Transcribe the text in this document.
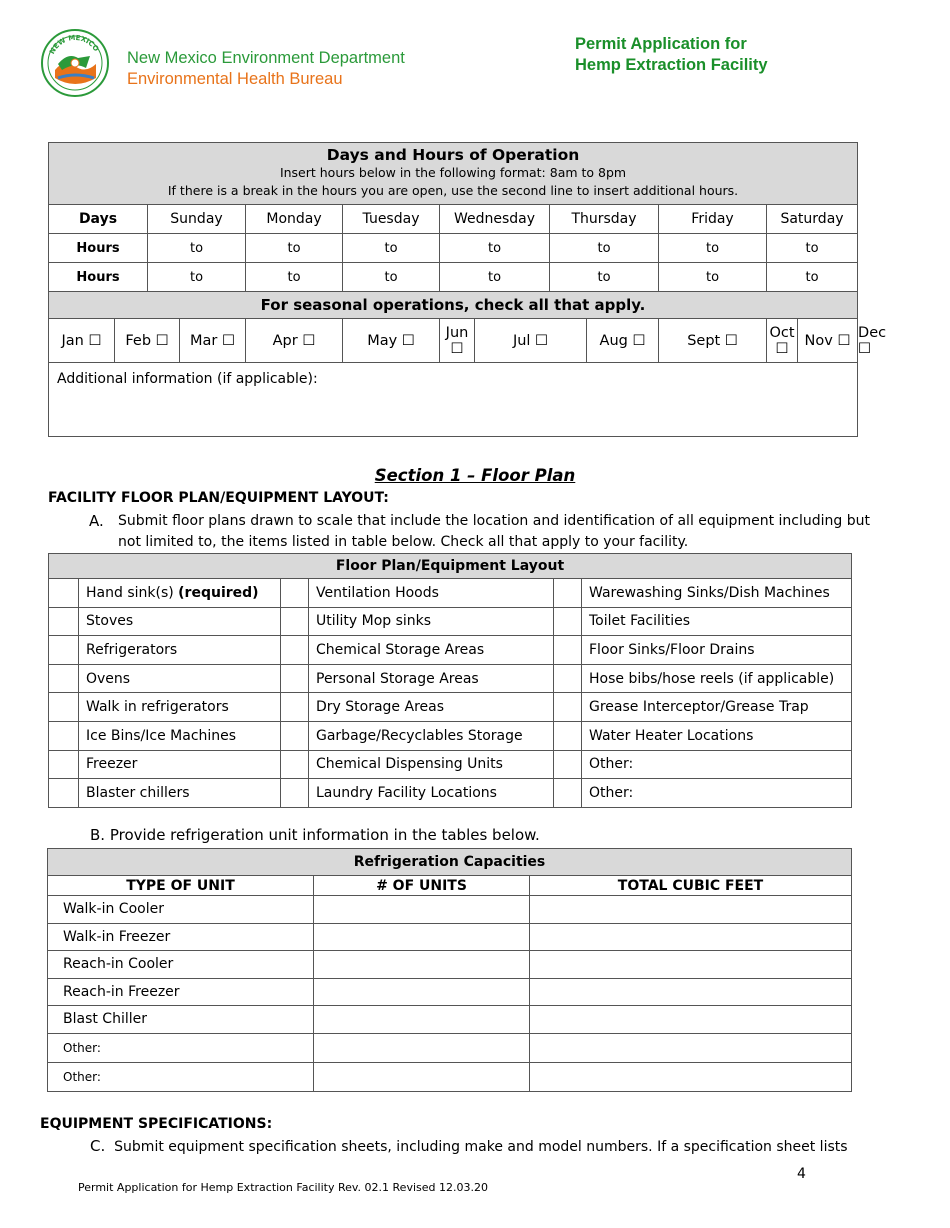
NEW MEXICO
New Mexico Environment Department
Environmental Health Bureau
Permit Application for
Hemp Extraction Facility
Days and Hours of Operation
Insert hours below in the following format: 8am to 8pm
If there is a break in the hours you are open, use the second line to insert additional hours.													

Days		Sunday		Monday	Tuesday	Wednesday		Thursday		Friday	Saturday		
Hours		to		to	to	to		to		to	to		
Hours		to		to	to	to		to		to	to		
For seasonal operations, check all that apply.													
Jan ☐	Feb ☐		Mar ☐	Apr ☐	May ☐	Jun ☐	Jul ☐		Aug ☐	Sept ☐	Oct ☐	Nov ☐	Dec ☐
Additional information (if applicable):													
Section 1 – Floor Plan
FACILITY FLOOR PLAN/EQUIPMENT LAYOUT:
A.	Submit floor plans drawn to scale that include the location and identification of all equipment including but not limited to, the items listed in table below. Check all that apply to your facility.
Floor Plan/Equipment Layout					
	Hand sink(s) (required)		Ventilation Hoods		Warewashing Sinks/Dish Machines
	Stoves		Utility Mop sinks		Toilet Facilities
	Refrigerators		Chemical Storage Areas		Floor Sinks/Floor Drains
	Ovens		Personal Storage Areas		Hose bibs/hose reels (if applicable)
	Walk in refrigerators		Dry Storage Areas		Grease Interceptor/Grease Trap
	Ice Bins/Ice Machines		Garbage/Recyclables Storage		Water Heater Locations
	Freezer		Chemical Dispensing Units		Other:
	Blaster chillers		Laundry Facility Locations		Other:
B. Provide refrigeration unit information in the tables below.
Refrigeration Capacities		
TYPE OF UNIT	# OF UNITS	TOTAL CUBIC FEET
Walk-in Cooler		
Walk-in Freezer		
Reach-in Cooler		
Reach-in Freezer		
Blast Chiller		
Other:		
Other:		
EQUIPMENT SPECIFICATIONS:
C. Submit equipment specification sheets, including make and model numbers. If a specification sheet lists
4
Permit Application for Hemp Extraction Facility Rev. 02.1 Revised 12.03.20
